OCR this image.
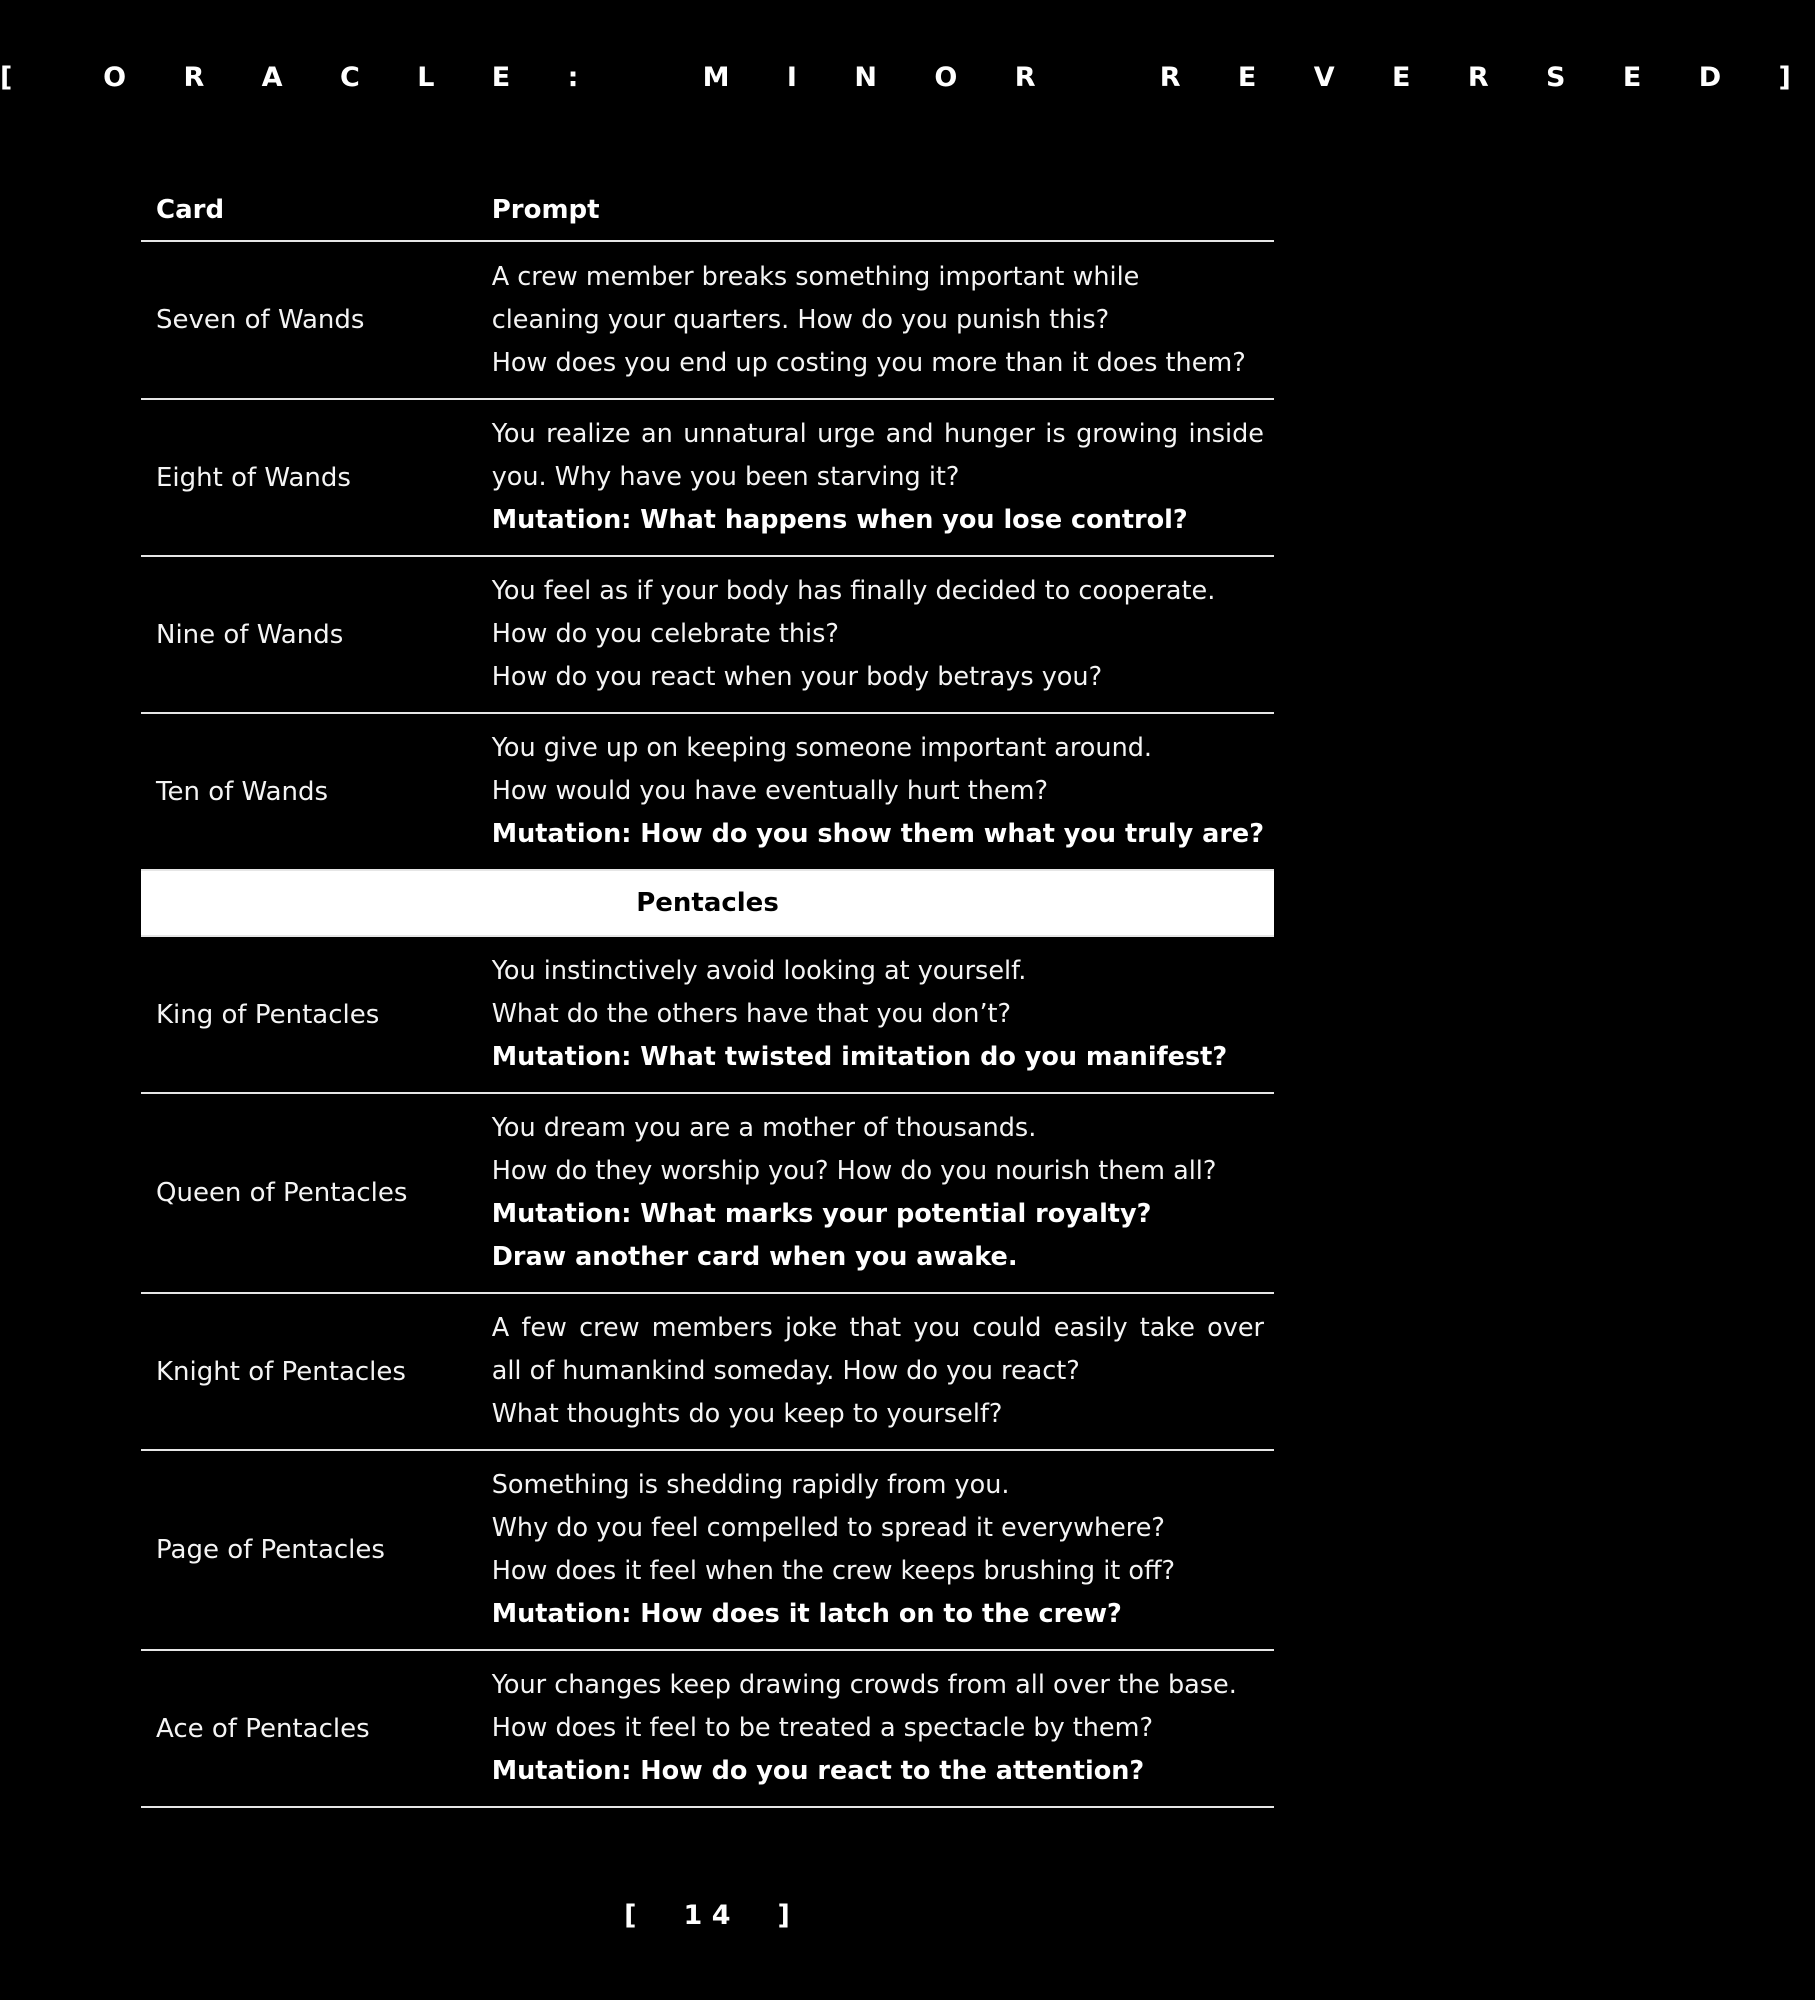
[  O R A C L E :   M I N O R   R E V E R S E D ]
Card	Prompt
Seven of Wands	A crew member breaks something important while
cleaning your quarters. How do you punish this?
How does you end up costing you more than it does them?

Eight of Wands	You realize an unnatural urge and hunger is growing inside
you. Why have you been starving it?
Mutation: What happens when you lose control?

Nine of Wands	You feel as if your body has finally decided to cooperate.
How do you celebrate this?
How do you react when your body betrays you?

Ten of Wands	You give up on keeping someone important around.
How would you have eventually hurt them?
Mutation: How do you show them what you truly are?

Pentacles	
King of Pentacles	You instinctively avoid looking at yourself.
What do the others have that you don’t?
Mutation: What twisted imitation do you manifest?

Queen of Pentacles	You dream you are a mother of thousands.
How do they worship you? How do you nourish them all?
Mutation: What marks your potential royalty?
Draw another card when you awake.

Knight of Pentacles	A few crew members joke that you could easily take over
all of humankind someday. How do you react?
What thoughts do you keep to yourself?

Page of Pentacles	Something is shedding rapidly from you.
Why do you feel compelled to spread it everywhere?
How does it feel when the crew keeps brushing it off?
Mutation: How does it latch on to the crew?

Ace of Pentacles	Your changes keep drawing crowds from all over the base.
How does it feel to be treated a spectacle by them?
Mutation: How do you react to the attention?
[     1 4     ]
